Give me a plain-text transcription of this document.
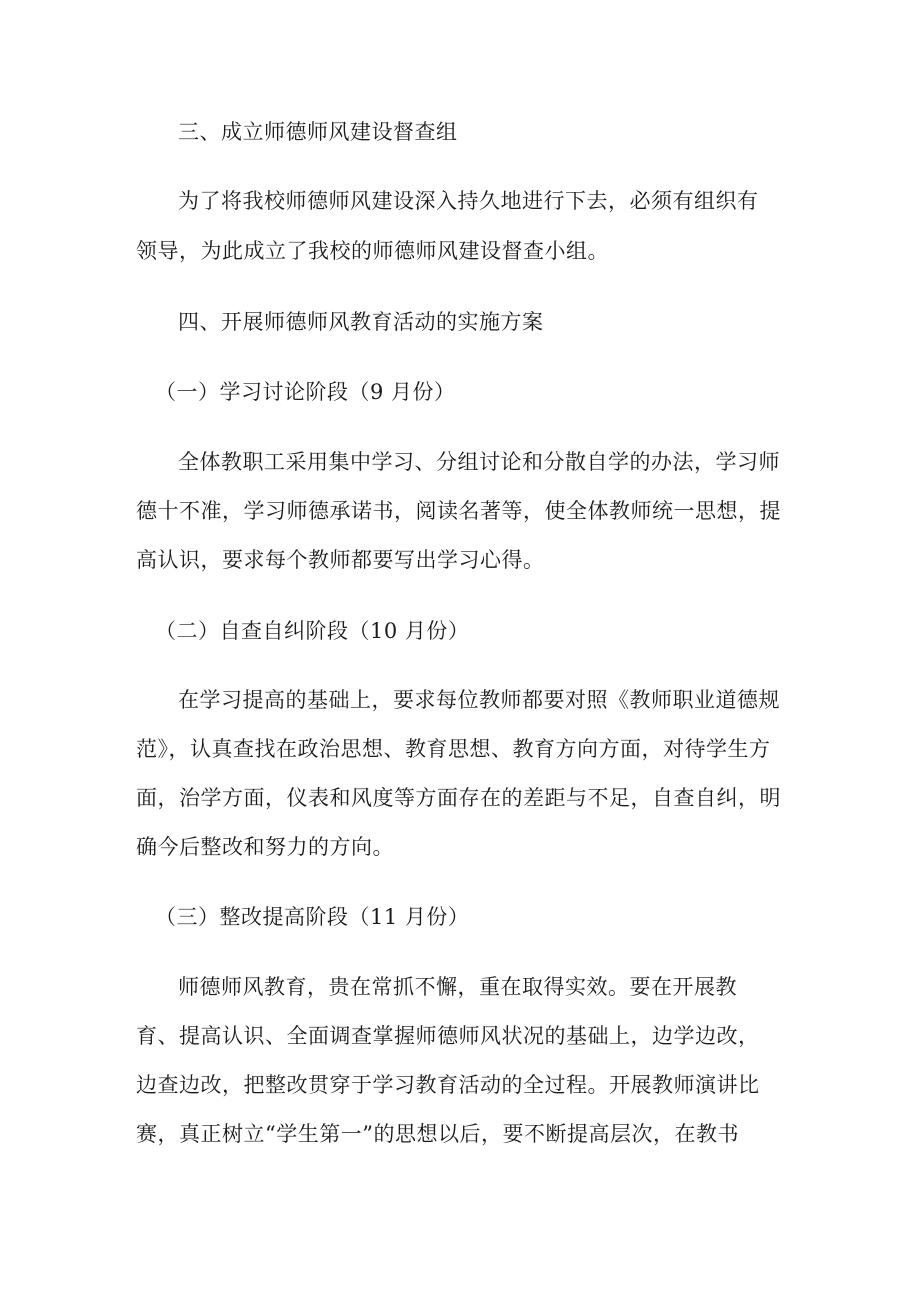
三、成立师德师风建设督查组
为了将我校师德师风建设深入持久地进行下去，必须有组织有
领导，为此成立了我校的师德师风建设督查小组。
四、开展师德师风教育活动的实施方案
（一）学习讨论阶段（9 月份）
全体教职工采用集中学习、分组讨论和分散自学的办法，学习师
德十不准，学习师德承诺书，阅读名著等，使全体教师统一思想，提
高认识，要求每个教师都要写出学习心得。
（二）自查自纠阶段（10 月份）
在学习提高的基础上，要求每位教师都要对照《教师职业道德规
范》，认真查找在政治思想、教育思想、教育方向方面，对待学生方
面，治学方面，仪表和风度等方面存在的差距与不足，自查自纠，明
确今后整改和努力的方向。
（三）整改提高阶段（11 月份）
师德师风教育，贵在常抓不懈，重在取得实效。要在开展教
育、提高认识、全面调查掌握师德师风状况的基础上，边学边改，
边查边改，把整改贯穿于学习教育活动的全过程。开展教师演讲比
赛，真正树立“学生第一”的思想以后，要不断提高层次，在教书
